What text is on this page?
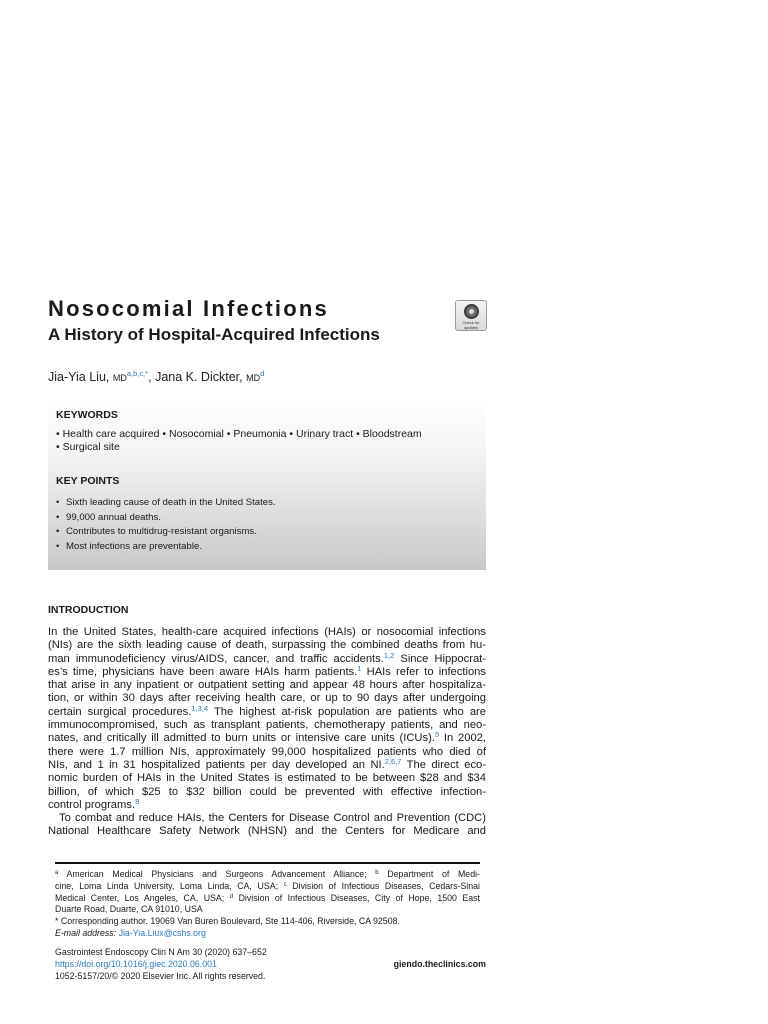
Nosocomial Infections
A History of Hospital-Acquired Infections
Check for
updates
Jia-Yia Liu, $MD^{a,b,c,*}$, Jana K. Dickter, $MD^d$
KEYWORDS
• Health care acquired • Nosocomial • Pneumonia • Urinary tract • Bloodstream
• Surgical site
KEY POINTS
• Sixth leading cause of death in the United States.
• 99,000 annual deaths.
• Contributes to multidrug-resistant organisms.
• Most infections are preventable.
INTRODUCTION
In the United States, health-care acquired infections (HAIs) or nosocomial infections
(NIs) are the sixth leading cause of death, surpassing the combined deaths from hu-
man immunodeficiency virus/AIDS, cancer, and traffic accidents.$^{1,2}$ Since Hippocrat-
es’s time, physicians have been aware HAIs harm patients.$^1$ HAIs refer to infections
that arise in any inpatient or outpatient setting and appear 48 hours after hospitaliza-
tion, or within 30 days after receiving health care, or up to 90 days after undergoing
certain surgical procedures.$^{1,3,4}$ The highest at-risk population are patients who are
immunocompromised, such as transplant patients, chemotherapy patients, and neo-
nates, and critically ill admitted to burn units or intensive care units (ICUs).$^5$ In 2002,
there were 1.7 million NIs, approximately 99,000 hospitalized patients who died of
NIs, and 1 in 31 hospitalized patients per day developed an NI.$^{2,6,7}$ The direct eco-
nomic burden of HAIs in the United States is estimated to be between $28 and $34
billion, of which $25 to $32 billion could be prevented with effective infection-
control programs.$^8$
To combat and reduce HAIs, the Centers for Disease Control and Prevention (CDC)
National Healthcare Safety Network (NHSN) and the Centers for Medicare and
$^a$ American Medical Physicians and Surgeons Advancement Alliance; $^b$ Department of Medi-
cine, Loma Linda University, Loma Linda, CA, USA; $^c$ Division of Infectious Diseases, Cedars-Sinai
Medical Center, Los Angeles, CA, USA; $^d$ Division of Infectious Diseases, City of Hope, 1500 East
Duarte Road, Duarte, CA 91010, USA
* Corresponding author. 19069 Van Buren Boulevard, Ste 114-406, Riverside, CA 92508.
E-mail address: Jia-Yia.Liux@cshs.org
Gastrointest Endoscopy Clin N Am 30 (2020) 637–652
https://doi.org/10.1016/j.giec.2020.06.001
1052-5157/20/© 2020 Elsevier Inc. All rights reserved.
giendo.theclinics.com
